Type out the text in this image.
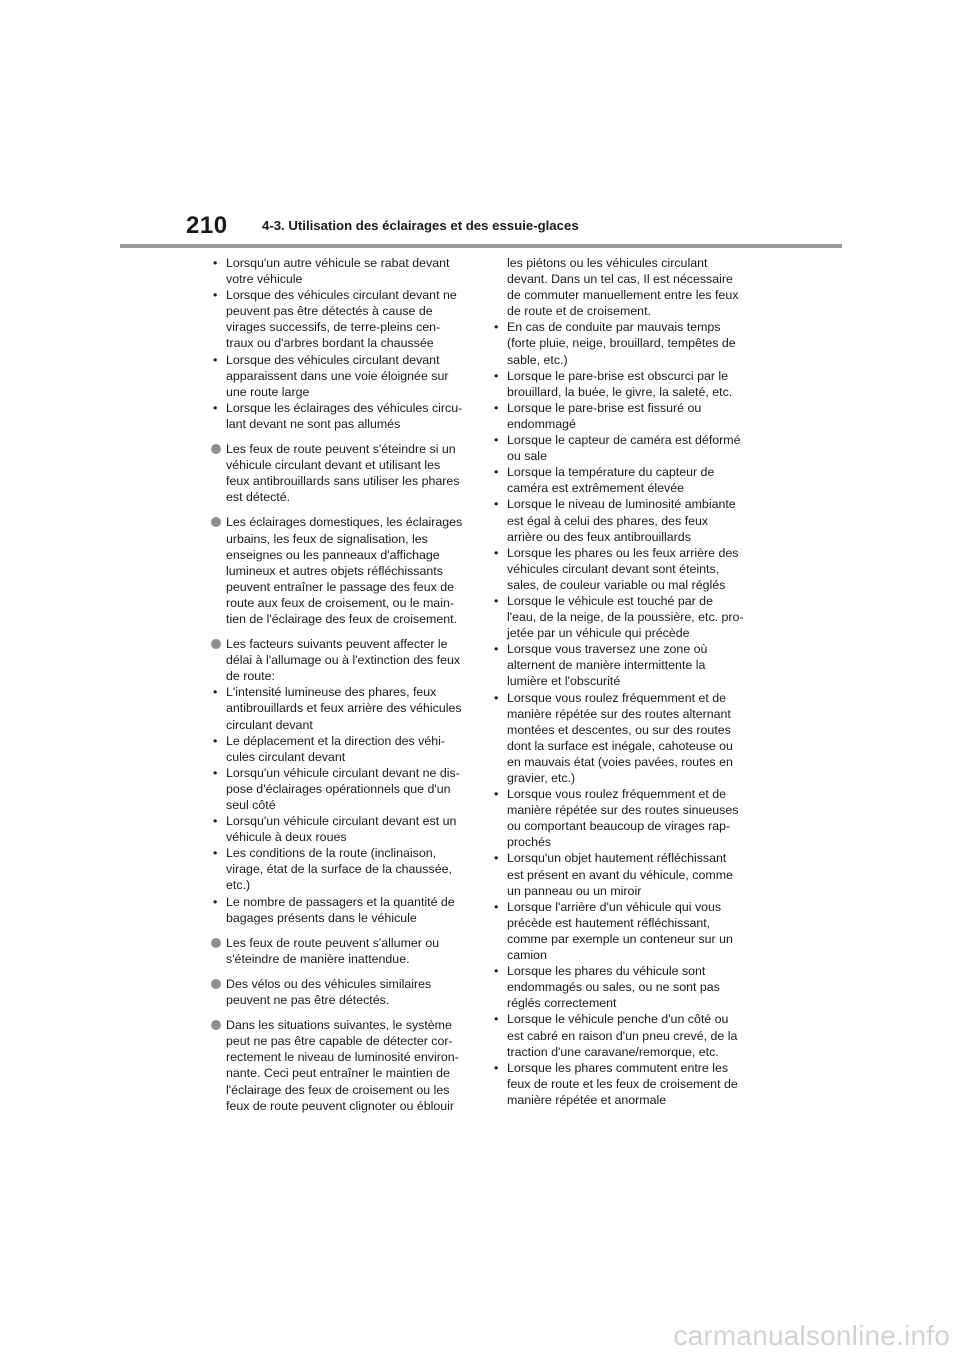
210	4-3. Utilisation des éclairages et des essuie-glaces
• Lorsqu'un autre véhicule se rabat devant
votre véhicule
• Lorsque des véhicules circulant devant ne
peuvent pas être détectés à cause de
virages successifs, de terre-pleins cen-
traux ou d'arbres bordant la chaussée
• Lorsque des véhicules circulant devant
apparaissent dans une voie éloignée sur
une route large
• Lorsque les éclairages des véhicules circu-
lant devant ne sont pas allumés
Les feux de route peuvent s'éteindre si un
véhicule circulant devant et utilisant les
feux antibrouillards sans utiliser les phares
est détecté.
Les éclairages domestiques, les éclairages
urbains, les feux de signalisation, les
enseignes ou les panneaux d'affichage
lumineux et autres objets réfléchissants
peuvent entraîner le passage des feux de
route aux feux de croisement, ou le main-
tien de l'éclairage des feux de croisement.
Les facteurs suivants peuvent affecter le
délai à l'allumage ou à l'extinction des feux
de route:
• L'intensité lumineuse des phares, feux
antibrouillards et feux arrière des véhicules
circulant devant
• Le déplacement et la direction des véhi-
cules circulant devant
• Lorsqu'un véhicule circulant devant ne dis-
pose d'éclairages opérationnels que d'un
seul côté
• Lorsqu'un véhicule circulant devant est un
véhicule à deux roues
• Les conditions de la route (inclinaison,
virage, état de la surface de la chaussée,
etc.)
• Le nombre de passagers et la quantité de
bagages présents dans le véhicule
Les feux de route peuvent s'allumer ou
s'éteindre de manière inattendue.
Des vélos ou des véhicules similaires
peuvent ne pas être détectés.
Dans les situations suivantes, le système
peut ne pas être capable de détecter cor-
rectement le niveau de luminosité environ-
nante. Ceci peut entraîner le maintien de
l'éclairage des feux de croisement ou les
feux de route peuvent clignoter ou éblouir
les piétons ou les véhicules circulant
devant. Dans un tel cas, Il est nécessaire
de commuter manuellement entre les feux
de route et de croisement.
• En cas de conduite par mauvais temps
(forte pluie, neige, brouillard, tempêtes de
sable, etc.)
• Lorsque le pare-brise est obscurci par le
brouillard, la buée, le givre, la saleté, etc.
• Lorsque le pare-brise est fissuré ou
endommagé
• Lorsque le capteur de caméra est déformé
ou sale
• Lorsque la température du capteur de
caméra est extrêmement élevée
• Lorsque le niveau de luminosité ambiante
est égal à celui des phares, des feux
arrière ou des feux antibrouillards
• Lorsque les phares ou les feux arrière des
véhicules circulant devant sont éteints,
sales, de couleur variable ou mal réglés
• Lorsque le véhicule est touché par de
l'eau, de la neige, de la poussière, etc. pro-
jetée par un véhicule qui précède
• Lorsque vous traversez une zone où
alternent de manière intermittente la
lumière et l'obscurité
• Lorsque vous roulez fréquemment et de
manière répétée sur des routes alternant
montées et descentes, ou sur des routes
dont la surface est inégale, cahoteuse ou
en mauvais état (voies pavées, routes en
gravier, etc.)
• Lorsque vous roulez fréquemment et de
manière répétée sur des routes sinueuses
ou comportant beaucoup de virages rap-
prochés
• Lorsqu'un objet hautement réfléchissant
est présent en avant du véhicule, comme
un panneau ou un miroir
• Lorsque l'arrière d'un véhicule qui vous
précède est hautement réfléchissant,
comme par exemple un conteneur sur un
camion
• Lorsque les phares du véhicule sont
endommagés ou sales, ou ne sont pas
réglés correctement
• Lorsque le véhicule penche d'un côté ou
est cabré en raison d'un pneu crevé, de la
traction d'une caravane/remorque, etc.
• Lorsque les phares commutent entre les
feux de route et les feux de croisement de
manière répétée et anormale
carmanualsonline.info
